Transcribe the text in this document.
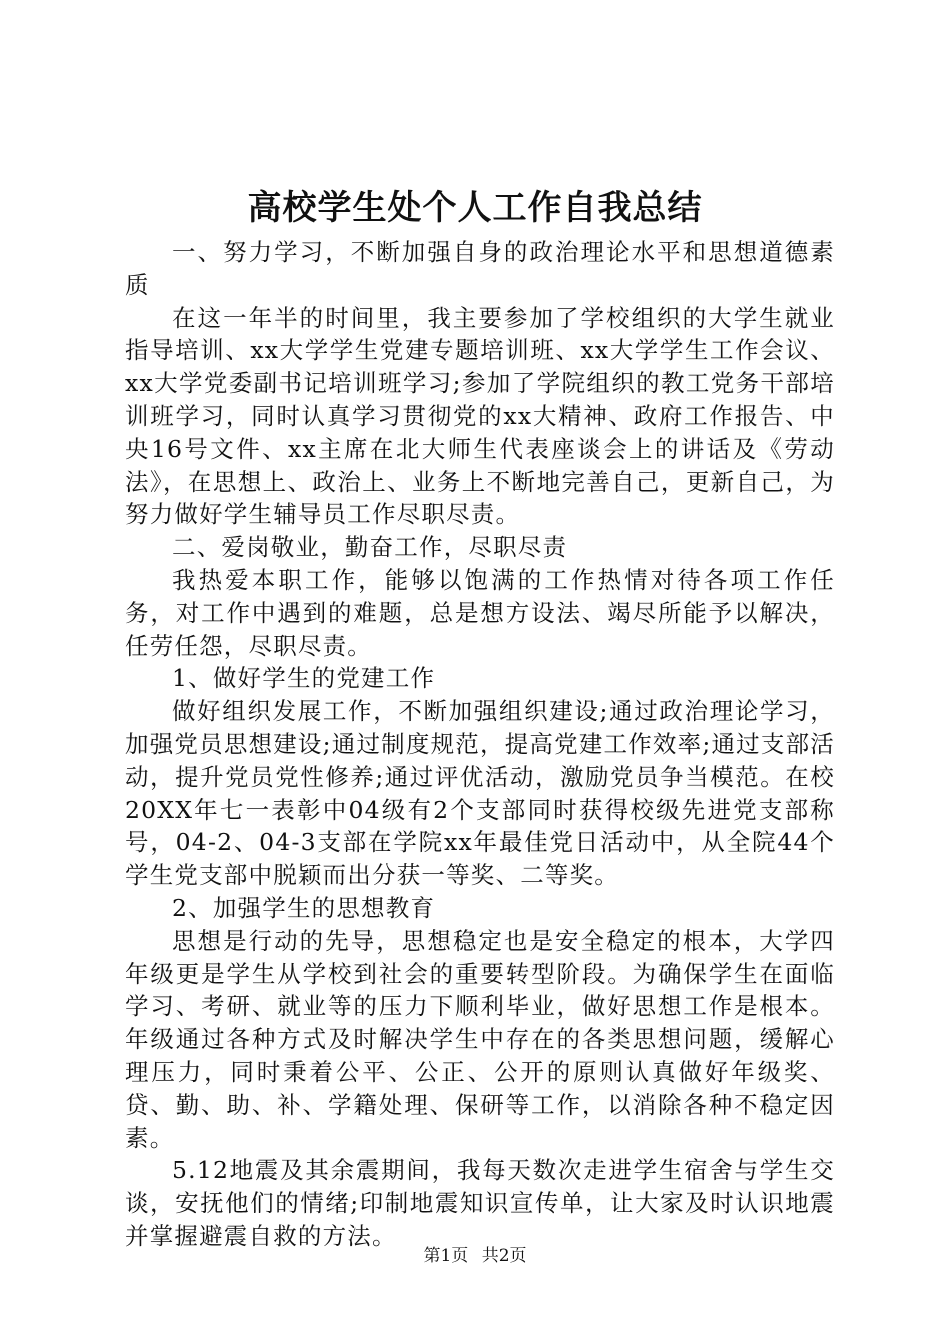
高校学生处个人工作自我总结

一、努力学习，不断加强自身的政治理论水平和思想道德素质

在这一年半的时间里，我主要参加了学校组织的大学生就业指导培训、xx大学学生党建专题培训班、xx大学学生工作会议、xx大学党委副书记培训班学习;参加了学院组织的教工党务干部培训班学习，同时认真学习贯彻党的xx大精神、政府工作报告、中央16号文件、xx主席在北大师生代表座谈会上的讲话及《劳动法》，在思想上、政治上、业务上不断地完善自己，更新自己，为努力做好学生辅导员工作尽职尽责。

二、爱岗敬业，勤奋工作，尽职尽责

我热爱本职工作，能够以饱满的工作热情对待各项工作任务，对工作中遇到的难题，总是想方设法、竭尽所能予以解决，任劳任怨，尽职尽责。

1、做好学生的党建工作

做好组织发展工作，不断加强组织建设;通过政治理论学习，加强党员思想建设;通过制度规范，提高党建工作效率;通过支部活动，提升党员党性修养;通过评优活动，激励党员争当模范。在校20XX年七一表彰中04级有2个支部同时获得校级先进党支部称号，04-2、04-3支部在学院xx年最佳党日活动中，从全院44个学生党支部中脱颖而出分获一等奖、二等奖。

2、加强学生的思想教育

思想是行动的先导，思想稳定也是安全稳定的根本，大学四年级更是学生从学校到社会的重要转型阶段。为确保学生在面临学习、考研、就业等的压力下顺利毕业，做好思想工作是根本。年级通过各种方式及时解决学生中存在的各类思想问题，缓解心理压力，同时秉着公平、公正、公开的原则认真做好年级奖、贷、勤、助、补、学籍处理、保研等工作，以消除各种不稳定因素。

5.12地震及其余震期间，我每天数次走进学生宿舍与学生交谈，安抚他们的情绪;印制地震知识宣传单，让大家及时认识地震并掌握避震自救的方法。

第1页 共2页
